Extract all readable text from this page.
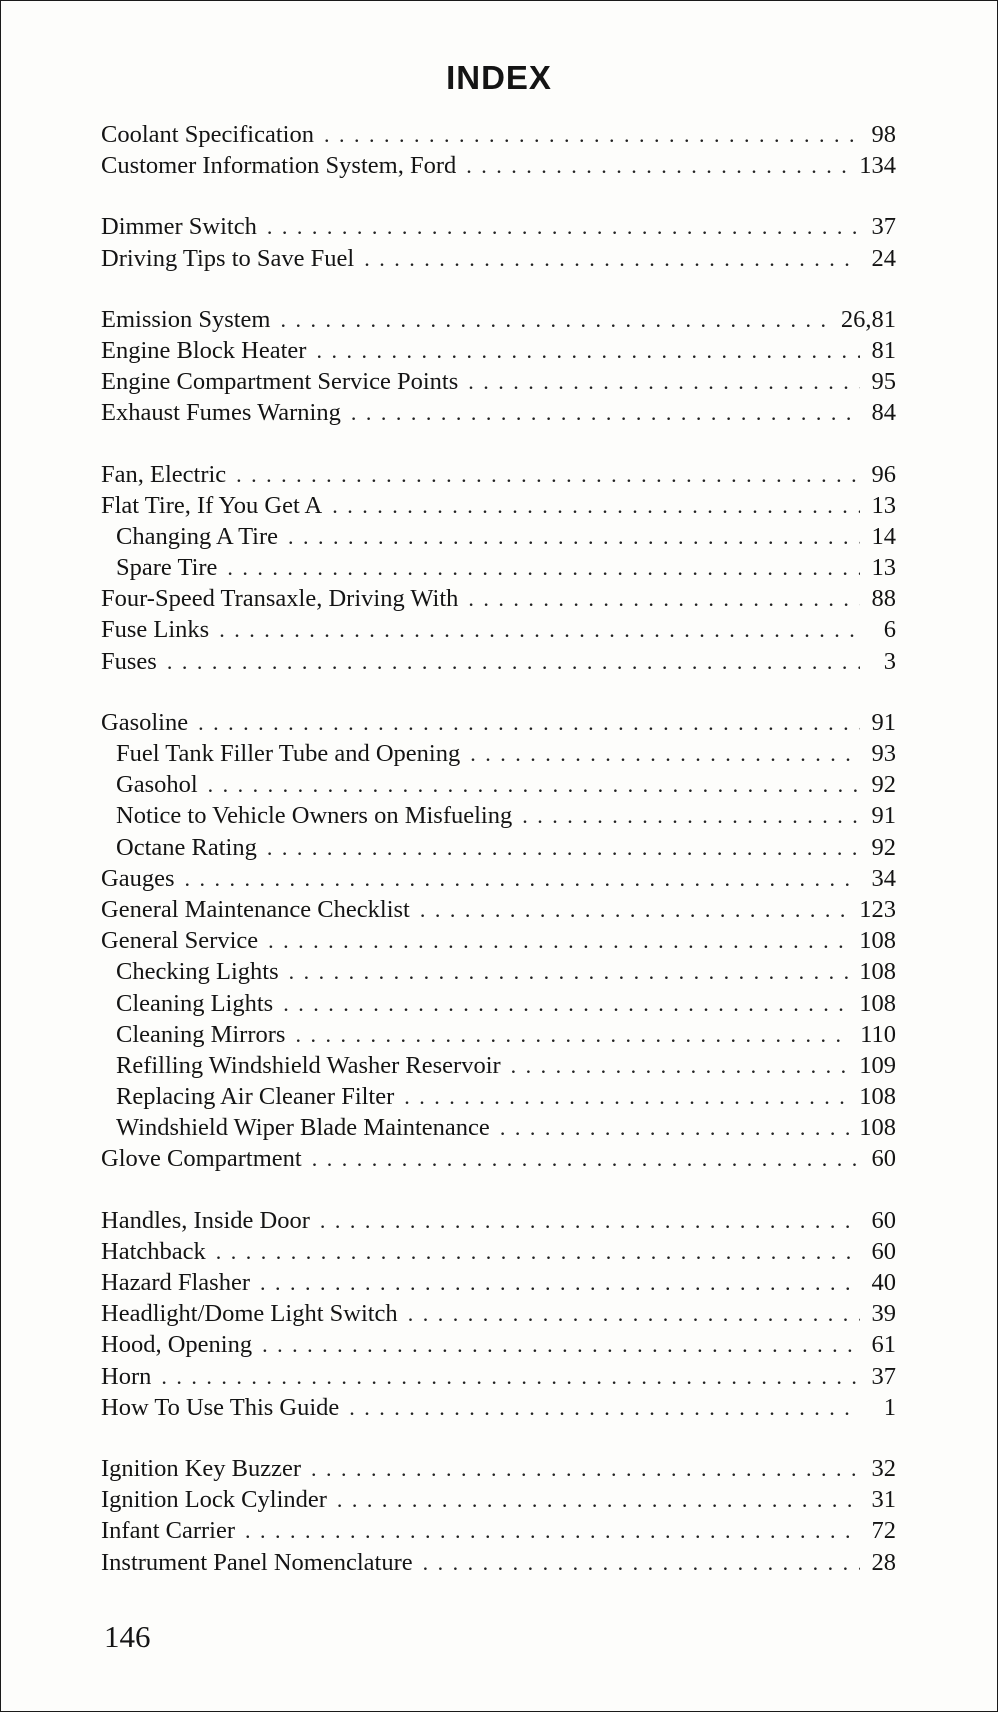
INDEX
Coolant Specification . . .	98
Customer Information System, Ford . . .	134
Dimmer Switch . . .	37
Driving Tips to Save Fuel . . .	24
Emission System . . .	26,81
Engine Block Heater . . .	81
Engine Compartment Service Points . . .	95
Exhaust Fumes Warning . . .	84
Fan, Electric . . .	96
Flat Tire, If You Get A . . .	13
Changing A Tire . . .	14
Spare Tire . . .	13
Four-Speed Transaxle, Driving With . . .	88
Fuse Links . . .	6
Fuses . . .	3
Gasoline . . .	91
Fuel Tank Filler Tube and Opening . . .	93
Gasohol . . .	92
Notice to Vehicle Owners on Misfueling . . .	91
Octane Rating . . .	92
Gauges . . .	34
General Maintenance Checklist . . .	123
General Service . . .	108
Checking Lights . . .	108
Cleaning Lights . . .	108
Cleaning Mirrors . . .	110
Refilling Windshield Washer Reservoir . . .	109
Replacing Air Cleaner Filter . . .	108
Windshield Wiper Blade Maintenance . . .	108
Glove Compartment . . .	60
Handles, Inside Door . . .	60
Hatchback . . .	60
Hazard Flasher . . .	40
Headlight/Dome Light Switch . . .	39
Hood, Opening . . .	61
Horn . . .	37
How To Use This Guide . . .	1
Ignition Key Buzzer . . .	32
Ignition Lock Cylinder . . .	31
Infant Carrier . . .	72
Instrument Panel Nomenclature . . .	28
146
